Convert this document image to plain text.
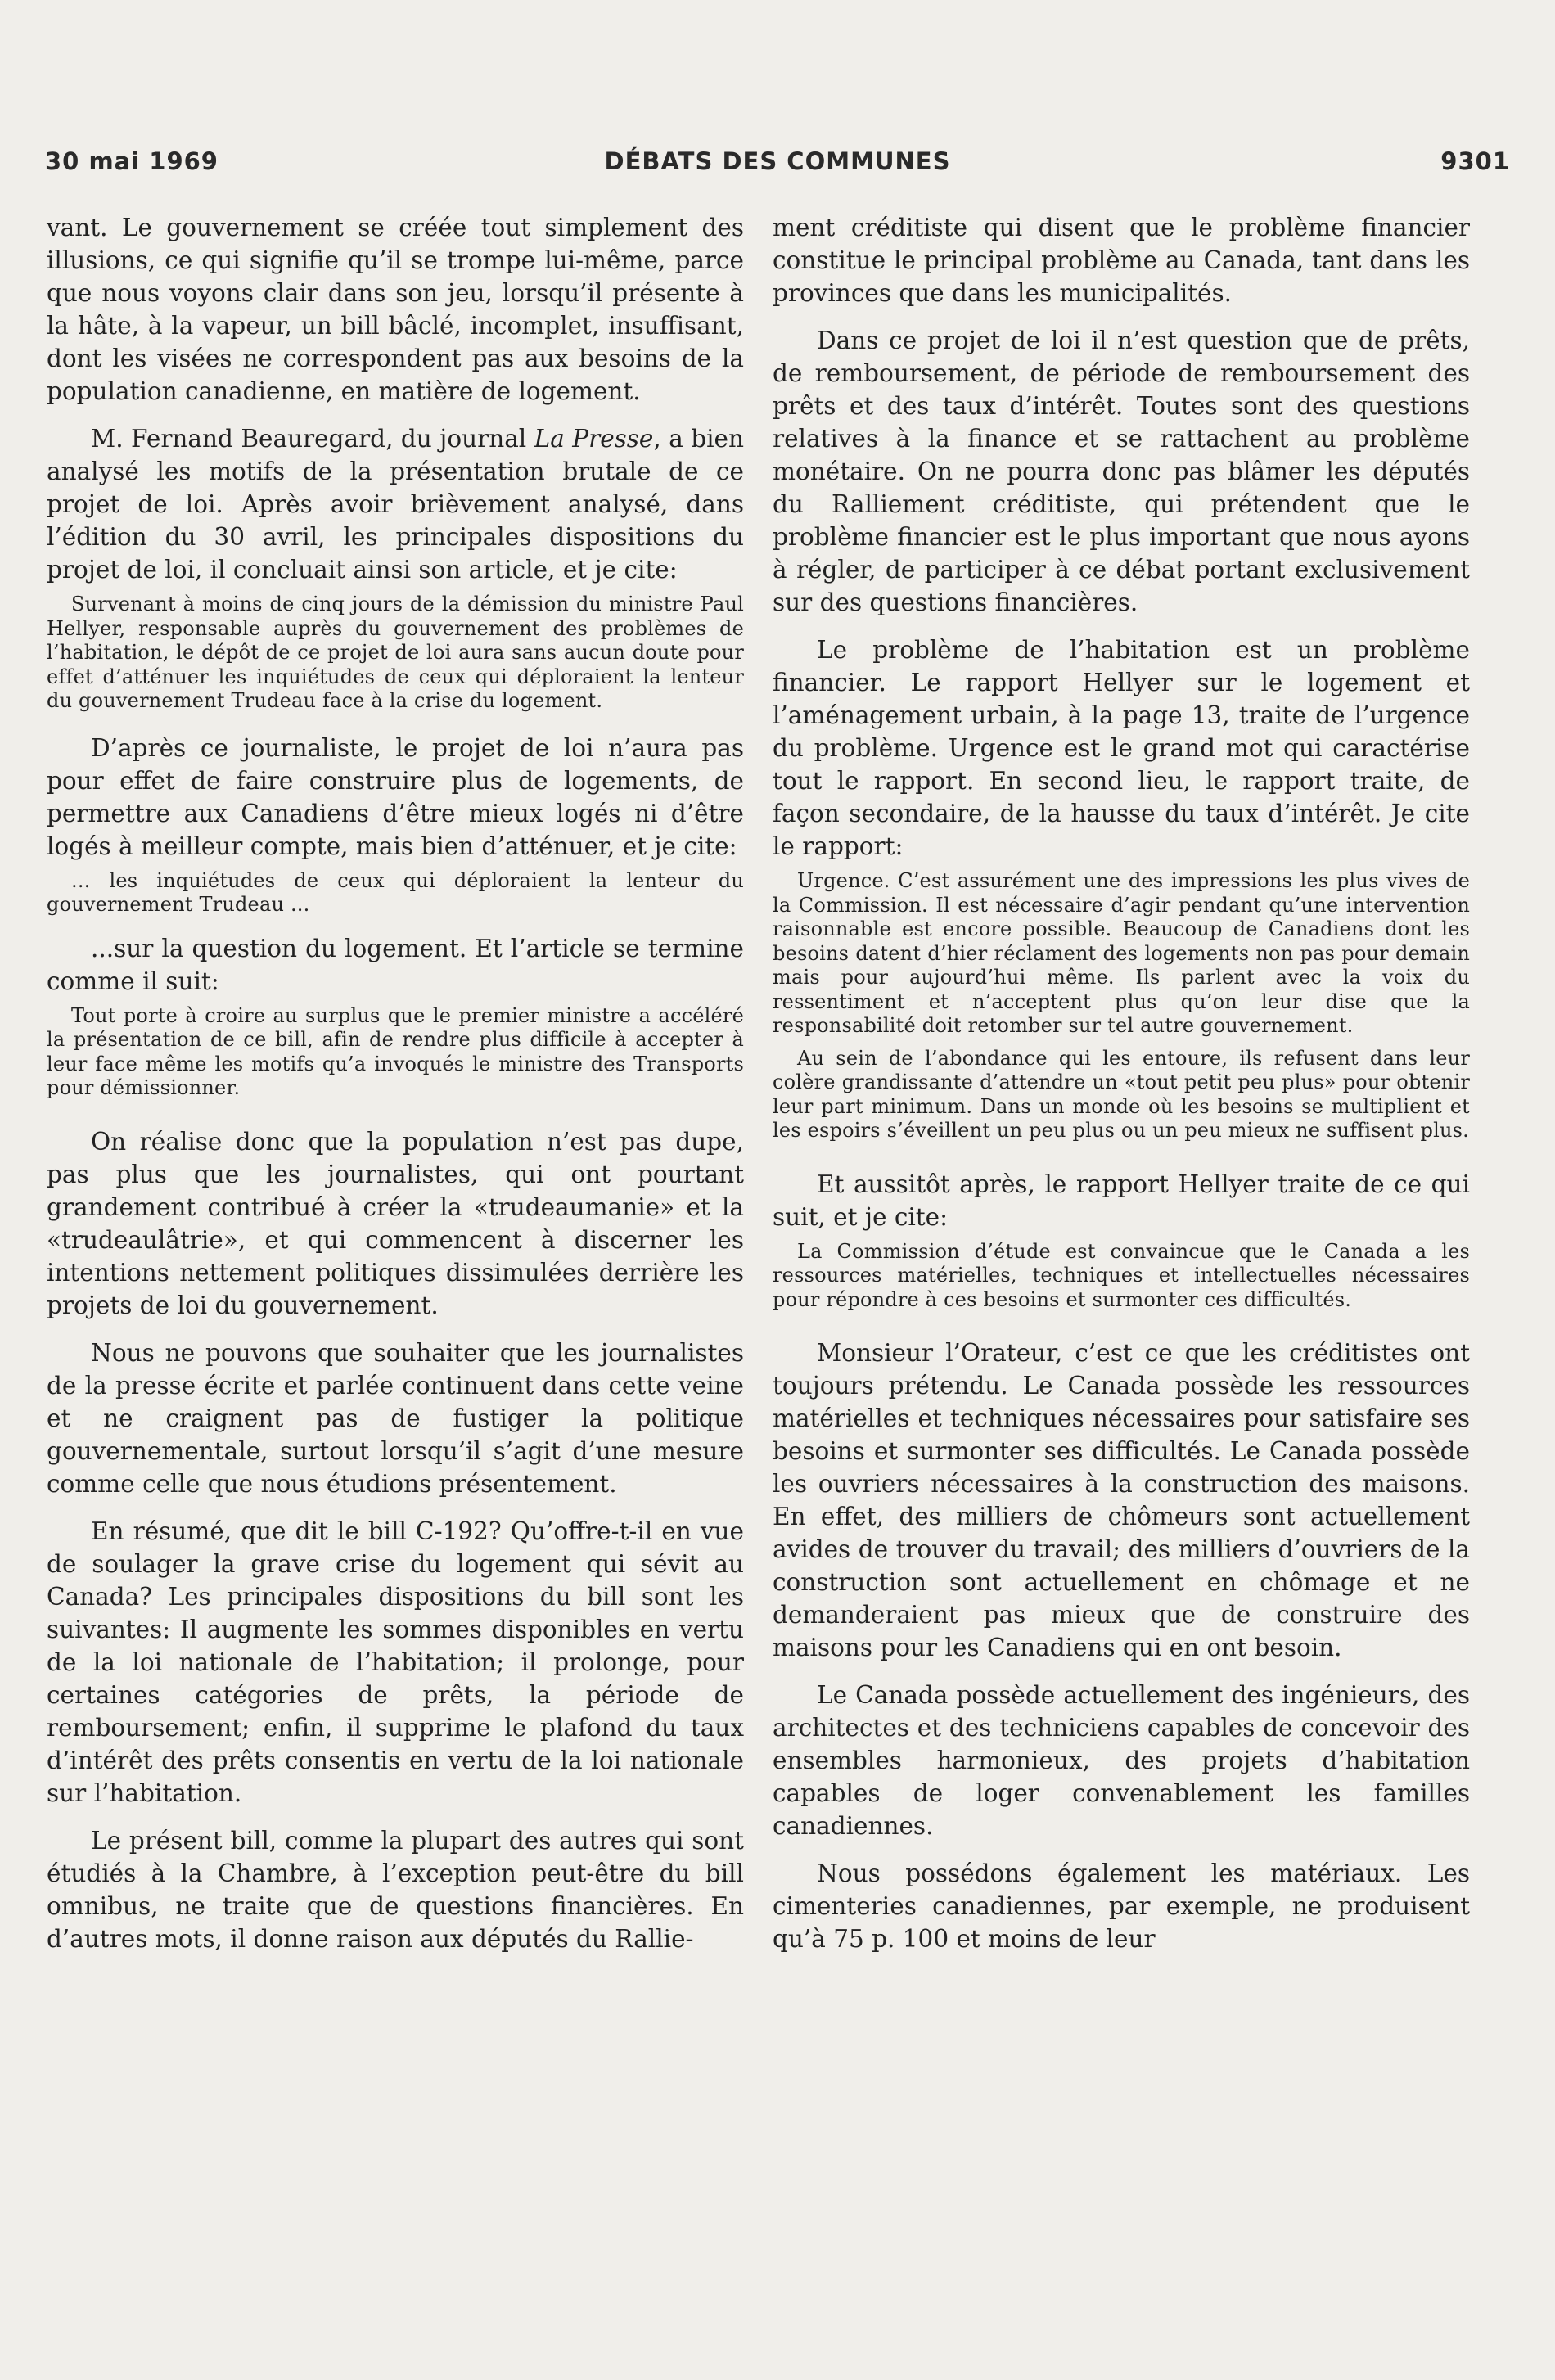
30 mai 1969	DÉBATS DES COMMUNES	9301

vant. Le gouvernement se créée tout simplement des illusions, ce qui signifie qu’il se trompe lui-même, parce que nous voyons clair dans son jeu, lorsqu’il présente à la hâte, à la vapeur, un bill bâclé, incomplet, insuffisant, dont les visées ne correspondent pas aux besoins de la population canadienne, en matière de logement.

M. Fernand Beauregard, du journal La Presse, a bien analysé les motifs de la présentation brutale de ce projet de loi. Après avoir brièvement analysé, dans l’édition du 30 avril, les principales dispositions du projet de loi, il concluait ainsi son article, et je cite:

Survenant à moins de cinq jours de la démission du ministre Paul Hellyer, responsable auprès du gouvernement des problèmes de l’habitation, le dépôt de ce projet de loi aura sans aucun doute pour effet d’atténuer les inquiétudes de ceux qui déploraient la lenteur du gouvernement Trudeau face à la crise du logement.

D’après ce journaliste, le projet de loi n’aura pas pour effet de faire construire plus de logements, de permettre aux Canadiens d’être mieux logés ni d’être logés à meilleur compte, mais bien d’atténuer, et je cite:

... les inquiétudes de ceux qui déploraient la lenteur du gouvernement Trudeau ...

...sur la question du logement. Et l’article se termine comme il suit:

Tout porte à croire au surplus que le premier ministre a accéléré la présentation de ce bill, afin de rendre plus difficile à accepter à leur face même les motifs qu’a invoqués le ministre des Transports pour démissionner.

On réalise donc que la population n’est pas dupe, pas plus que les journalistes, qui ont pourtant grandement contribué à créer la «trudeaumanie» et la «trudeaulâtrie», et qui commencent à discerner les intentions nettement politiques dissimulées derrière les projets de loi du gouvernement.

Nous ne pouvons que souhaiter que les journalistes de la presse écrite et parlée continuent dans cette veine et ne craignent pas de fustiger la politique gouvernementale, surtout lorsqu’il s’agit d’une mesure comme celle que nous étudions présentement.

En résumé, que dit le bill C-192? Qu’offre-t-il en vue de soulager la grave crise du logement qui sévit au Canada? Les principales dispositions du bill sont les suivantes: Il augmente les sommes disponibles en vertu de la loi nationale de l’habitation; il prolonge, pour certaines catégories de prêts, la période de remboursement; enfin, il supprime le plafond du taux d’intérêt des prêts consentis en vertu de la loi nationale sur l’habitation.

Le présent bill, comme la plupart des autres qui sont étudiés à la Chambre, à l’exception peut-être du bill omnibus, ne traite que de questions financières. En d’autres mots, il donne raison aux députés du Rallie-

ment créditiste qui disent que le problème financier constitue le principal problème au Canada, tant dans les provinces que dans les municipalités.

Dans ce projet de loi il n’est question que de prêts, de remboursement, de période de remboursement des prêts et des taux d’intérêt. Toutes sont des questions relatives à la finance et se rattachent au problème monétaire. On ne pourra donc pas blâmer les députés du Ralliement créditiste, qui prétendent que le problème financier est le plus important que nous ayons à régler, de participer à ce débat portant exclusivement sur des questions financières.

Le problème de l’habitation est un problème financier. Le rapport Hellyer sur le logement et l’aménagement urbain, à la page 13, traite de l’urgence du problème. Urgence est le grand mot qui caractérise tout le rapport. En second lieu, le rapport traite, de façon secondaire, de la hausse du taux d’intérêt. Je cite le rapport:

Urgence. C’est assurément une des impressions les plus vives de la Commission. Il est nécessaire d’agir pendant qu’une intervention raisonnable est encore possible. Beaucoup de Canadiens dont les besoins datent d’hier réclament des logements non pas pour demain mais pour aujourd’hui même. Ils parlent avec la voix du ressentiment et n’acceptent plus qu’on leur dise que la responsabilité doit retomber sur tel autre gouvernement.
Au sein de l’abondance qui les entoure, ils refusent dans leur colère grandissante d’attendre un «tout petit peu plus» pour obtenir leur part minimum. Dans un monde où les besoins se multiplient et les espoirs s’éveillent un peu plus ou un peu mieux ne suffisent plus.

Et aussitôt après, le rapport Hellyer traite de ce qui suit, et je cite:

La Commission d’étude est convaincue que le Canada a les ressources matérielles, techniques et intellectuelles nécessaires pour répondre à ces besoins et surmonter ces difficultés.

Monsieur l’Orateur, c’est ce que les créditistes ont toujours prétendu. Le Canada possède les ressources matérielles et techniques nécessaires pour satisfaire ses besoins et surmonter ses difficultés. Le Canada possède les ouvriers nécessaires à la construction des maisons. En effet, des milliers de chômeurs sont actuellement avides de trouver du travail; des milliers d’ouvriers de la construction sont actuellement en chômage et ne demanderaient pas mieux que de construire des maisons pour les Canadiens qui en ont besoin.

Le Canada possède actuellement des ingénieurs, des architectes et des techniciens capables de concevoir des ensembles harmonieux, des projets d’habitation capables de loger convenablement les familles canadiennes.

Nous possédons également les matériaux. Les cimenteries canadiennes, par exemple, ne produisent qu’à 75 p. 100 et moins de leur
